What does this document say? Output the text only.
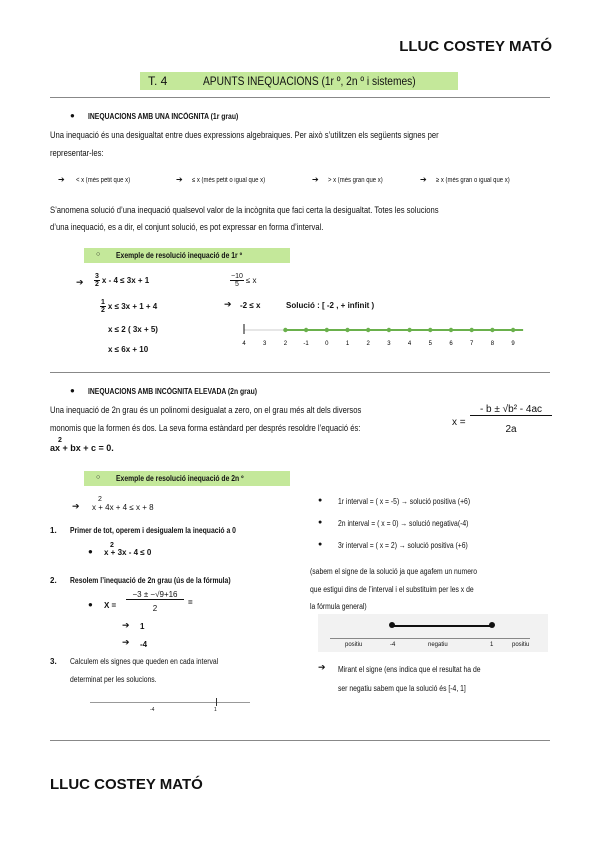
LLUC COSTEY MATÓ
T. 4	APUNTS INEQUACIONS (1r º, 2n º i sistemes)
● INEQUACIONS AMB UNA INCÒGNITA (1r grau)
Una inequació és una desigualtat entre dues expressions algebraiques. Per això s’utilitzen els següents signes per
representar-les:
➔ < x (més petit que x)	➔ ≤ x (més petit o igual que x)	➔ > x (més gran que x)	➔ ≥ x (més gran o igual que x)
S’anomena solució d’una inequació qualsevol valor de la incògnita que faci certa la desigualtat. Totes les solucions
d’una inequació, es a dir, el conjunt solució, es pot expressar en forma d’interval.
○ Exemple de resolució inequació de 1r º
➔ $\frac{3}{2}$ x - 4 ≤ 3x + 1
$\frac{1}{2}$ x ≤ 3x + 1 + 4
x ≤ 2 ( 3x + 5)
x ≤ 6x + 10
$\frac{-10}{5} \le x$
➔ -2 ≤ x	Solució : [ -2 , + infinit )
4	3	2	-1	0	1	2	3	4	5	6	7	8	9
● INEQUACIONS AMB INCÒGNITA ELEVADA (2n grau)
Una inequació de 2n grau és un polinomi desigualat a zero, on el grau més alt dels diversos
monomis que la formen és dos. La seva forma estàndard per després resoldre l’equació és:
ax + bx + c = 0.
2
x =
- b ± √b² - 4ac
2a
○ Exemple de resolució inequació de 2n º
➔ x + 4x + 4 ≤ x + 8
2
1. Primer de tot, operem i desigualem la inequació a 0
● x + 3x - 4 ≤ 0
2
2. Resolem l’inequació de 2n grau (ús de la fórmula)
● X =
−3 ± −√9+16
2
=
➔ 1
➔ -4
3. Calculem els signes que queden en cada interval
determinat per les solucions.
-4	1
● 1r interval = ( x = -5) → solució positiva (+6)
● 2n interval = ( x = 0) → solució negativa(-4)
● 3r interval = ( x = 2) → solució positiva (+6)
(sabem el signe de la solució ja que agafem un numero
que estigui dins de l’interval i el substituim per les x de
la fórmula general)
positiu	-4	negatiu	1	positiu
➔ Mirant el signe (ens indica que el resultat ha de
ser negatiu sabem que la solució és [-4, 1]
LLUC COSTEY MATÓ
